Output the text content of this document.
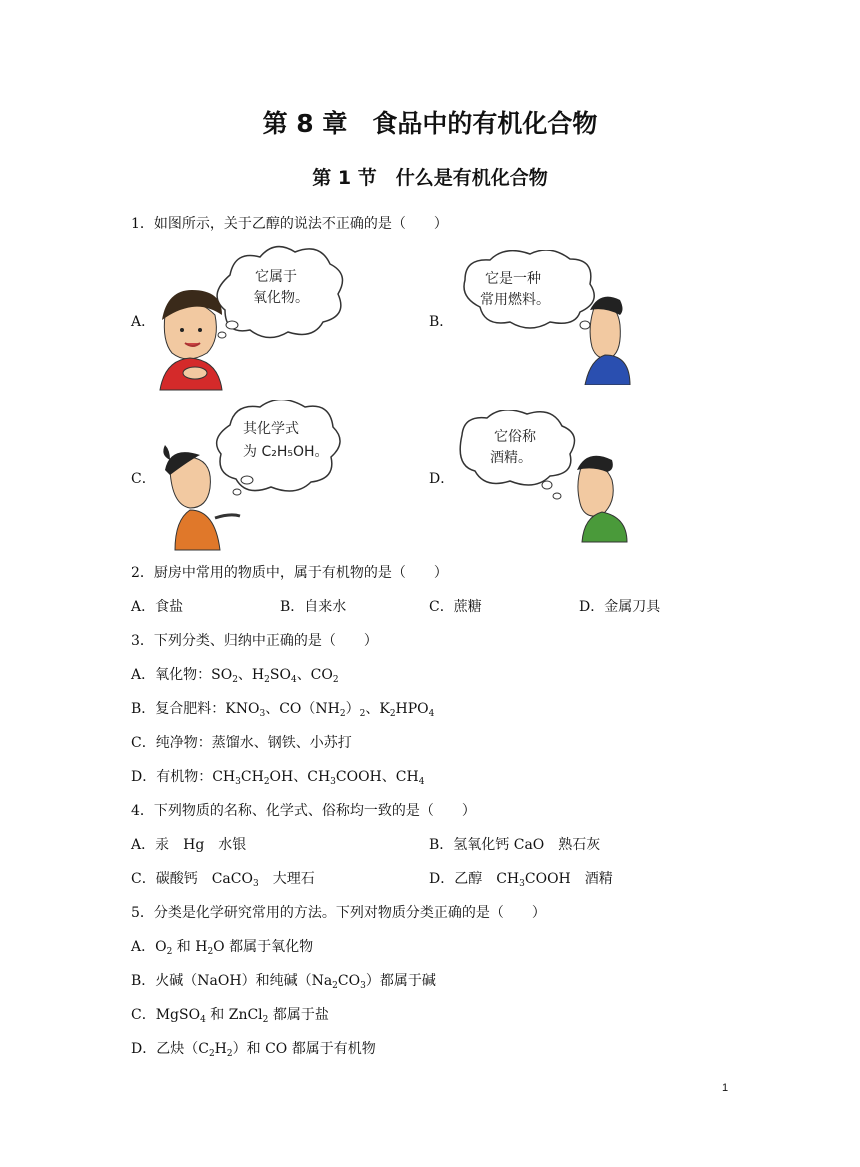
第 8 章　食品中的有机化合物
第 1 节　什么是有机化合物
1．如图所示，关于乙醇的说法不正确的是（　　）
A．	B．
C．	D．
它属于
氧化物。
它是一种
常用燃料。
其化学式
为 C₂H₅OH。
它俗称
酒精。
2．厨房中常用的物质中，属于有机物的是（　　）
A．食盐	B．自来水	C．蔗糖	D．金属刀具
3．下列分类、归纳中正确的是（　　）
A．氧化物：$SO_2$、$H_2SO_4$、$CO_2$
B．复合肥料：$KNO_3$、$CO(NH_2)_2$、$K_2HPO_4$
C．纯净物：蒸馏水、钢铁、小苏打
D．有机物：$CH_3CH_2OH$、$CH_3COOH$、$CH_4$
4．下列物质的名称、化学式、俗称均一致的是（　　）
A．汞　Hg　水银	B．氢氧化钙 CaO　熟石灰
C．碳酸钙　CaCO$_3$　大理石	D．乙醇　$CH_3COOH$　酒精
5．分类是化学研究常用的方法。下列对物质分类正确的是（　　）
A．$O_2$ 和 $H_2O$ 都属于氧化物
B．火碱（NaOH）和纯碱$(Na_2CO_3)$都属于碱
C．MgSO$_4$ 和 ZnCl$_2$ 都属于盐
D．乙炔$(C_2H_2)$和 CO 都属于有机物
1
